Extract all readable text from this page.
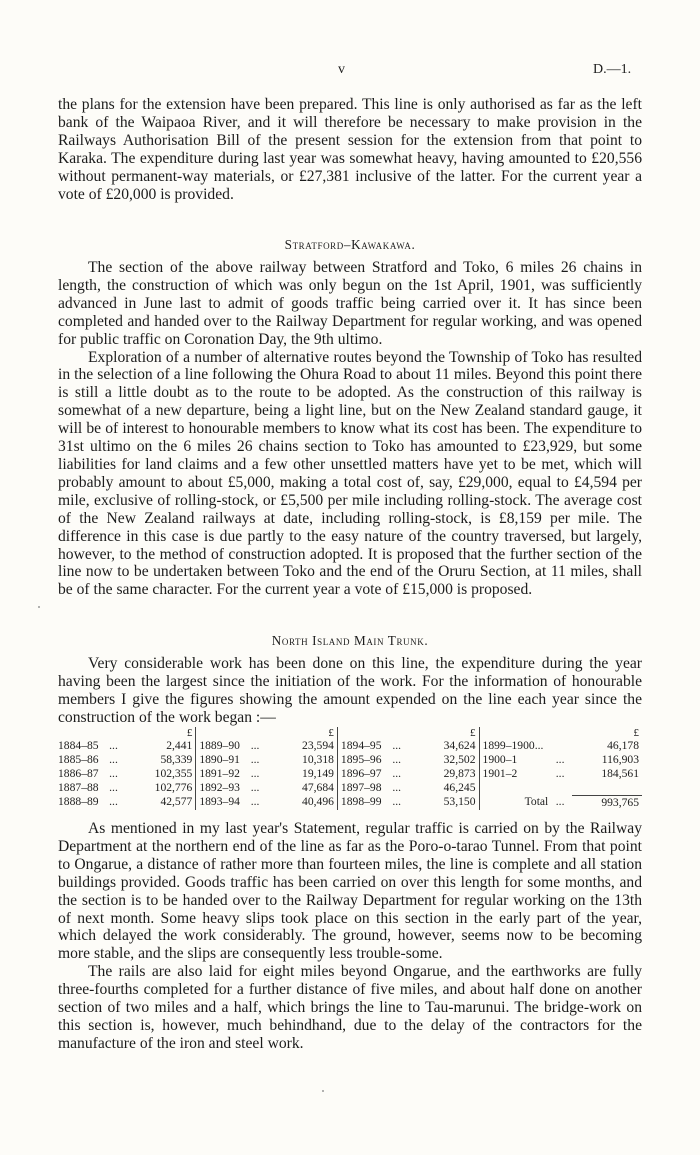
v	D.—1.

the plans for the extension have been prepared. This line is only authorised as far as the left bank of the Waipaoa River, and it will therefore be necessary to make provision in the Railways Authorisation Bill of the present session for the extension from that point to Karaka. The expenditure during last year was somewhat heavy, having amounted to £20,556 without permanent-way materials, or £27,381 inclusive of the latter. For the current year a vote of £20,000 is provided.

Stratford–Kawakawa.

The section of the above railway between Stratford and Toko, 6 miles 26 chains in length, the construction of which was only begun on the 1st April, 1901, was sufficiently advanced in June last to admit of goods traffic being carried over it. It has since been completed and handed over to the Railway Department for regular working, and was opened for public traffic on Coronation Day, the 9th ultimo.

Exploration of a number of alternative routes beyond the Township of Toko has resulted in the selection of a line following the Ohura Road to about 11 miles. Beyond this point there is still a little doubt as to the route to be adopted. As the construction of this railway is somewhat of a new departure, being a light line, but on the New Zealand standard gauge, it will be of interest to honourable members to know what its cost has been. The expenditure to 31st ultimo on the 6 miles 26 chains section to Toko has amounted to £23,929, but some liabilities for land claims and a few other unsettled matters have yet to be met, which will probably amount to about £5,000, making a total cost of, say, £29,000, equal to £4,594 per mile, exclusive of rolling-stock, or £5,500 per mile including rolling-stock. The average cost of the New Zealand railways at date, including rolling-stock, is £8,159 per mile. The difference in this case is due partly to the easy nature of the country traversed, but largely, however, to the method of construction adopted. It is proposed that the further section of the line now to be undertaken between Toko and the end of the Oruru Section, at 11 miles, shall be of the same character. For the current year a vote of £15,000 is proposed.

North Island Main Trunk.

Very considerable work has been done on this line, the expenditure during the year having been the largest since the initiation of the work. For the information of honourable members I give the figures showing the amount expended on the line each year since the construction of the work began :—

		£			£			£			£
1884–85	...	2,441	1889–90	...	23,594	1894–95	...	34,624	1899–1900...		46,178
1885–86	...	58,339	1890–91	...	10,318	1895–96	...	32,502	1900–1	...	116,903
1886–87	...	102,355	1891–92	...	19,149	1896–97	...	29,873	1901–2	...	184,561
1887–88	...	102,776	1892–93	...	47,684	1897–98	...	46,245			
1888–89	...	42,577	1893–94	...	40,496	1898–99	...	53,150	Total	...	993,765

As mentioned in my last year's Statement, regular traffic is carried on by the Railway Department at the northern end of the line as far as the Poro-o-tarao Tunnel. From that point to Ongarue, a distance of rather more than fourteen miles, the line is complete and all station buildings provided. Goods traffic has been carried on over this length for some months, and the section is to be handed over to the Railway Department for regular working on the 13th of next month. Some heavy slips took place on this section in the early part of the year, which delayed the work considerably. The ground, however, seems now to be becoming more stable, and the slips are consequently less trouble-some.

The rails are also laid for eight miles beyond Ongarue, and the earthworks are fully three-fourths completed for a further distance of five miles, and about half done on another section of two miles and a half, which brings the line to Tau-marunui. The bridge-work on this section is, however, much behindhand, due to the delay of the contractors for the manufacture of the iron and steel work.
